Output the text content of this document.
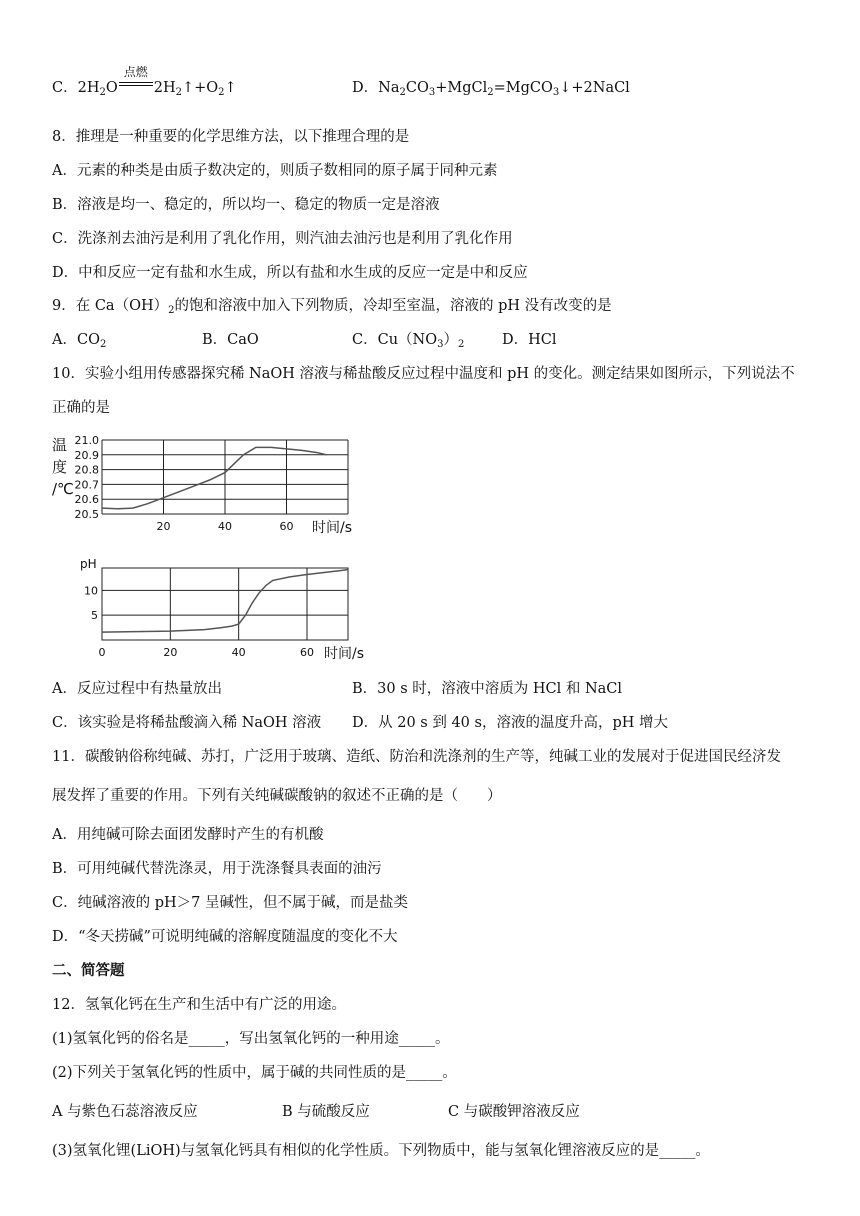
C．$2H_2O$
点燃
$2H_2↑+O_2↑$	D．$Na_2CO_3+MgCl_2=MgCO_3↓+2NaCl$
8．推理是一种重要的化学思维方法，以下推理合理的是
A．元素的种类是由质子数决定的，则质子数相同的原子属于同种元素
B．溶液是均一、稳定的，所以均一、稳定的物质一定是溶液
C．洗涤剂去油污是利用了乳化作用，则汽油去油污也是利用了乳化作用
D．中和反应一定有盐和水生成，所以有盐和水生成的反应一定是中和反应
9．在 $Ca(OH)_2$的饱和溶液中加入下列物质，冷却至室温，溶液的 pH 没有改变的是
A．$CO_2$	B．CaO	C．$Cu(NO_3)_2$	D．HCl
10．实验小组用传感器探究稀 NaOH 溶液与稀盐酸反应过程中温度和 pH 的变化。测定结果如图所示，下列说法不
正确的是
温
度
/℃
21.0
20.9
20.8
20.7
20.6
20.5
20	40	60 时间/s
pH
10
5
0	20	40	60 时间/s
A．反应过程中有热量放出	B．30 s 时，溶液中溶质为 HCl 和 NaCl
C．该实验是将稀盐酸滴入稀 NaOH 溶液 D．从 20 s 到 40 s，溶液的温度升高，pH 增大
11．碳酸钠俗称纯碱、苏打，广泛用于玻璃、造纸、防治和洗涤剂的生产等，纯碱工业的发展对于促进国民经济发
展发挥了重要的作用。下列有关纯碱碳酸钠的叙述不正确的是（　　）
A．用纯碱可除去面团发酵时产生的有机酸
B．可用纯碱代替洗涤灵，用于洗涤餐具表面的油污
C．纯碱溶液的 pH＞7 呈碱性，但不属于碱，而是盐类
D．“冬天捞碱”可说明纯碱的溶解度随温度的变化不大
二、简答题
12．氢氧化钙在生产和生活中有广泛的用途。
(1)氢氧化钙的俗名是_____，写出氢氧化钙的一种用途_____。
(2)下列关于氢氧化钙的性质中，属于碱的共同性质的是_____。
A 与紫色石蕊溶液反应	B 与硫酸反应	C 与碳酸钾溶液反应
(3)氢氧化锂(LiOH)与氢氧化钙具有相似的化学性质。下列物质中，能与氢氧化锂溶液反应的是_____。
